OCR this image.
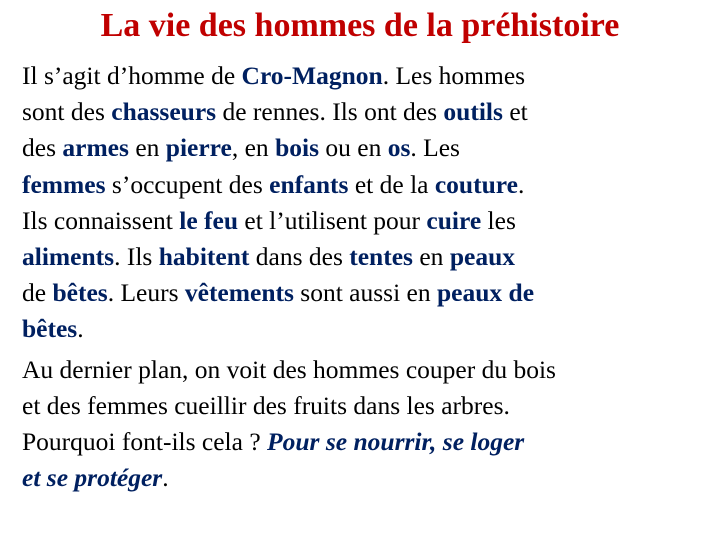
La vie des hommes de la préhistoire

Il s’agit d’homme de Cro-Magnon. Les hommes
sont des chasseurs de rennes. Ils ont des outils et
des armes en pierre, en bois ou en os. Les
femmes s’occupent des enfants et de la couture.
Ils connaissent le feu et l’utilisent pour cuire les
aliments. Ils habitent dans des tentes en peaux
de bêtes. Leurs vêtements sont aussi en peaux de
bêtes.

Au dernier plan, on voit des hommes couper du bois
et des femmes cueillir des fruits dans les arbres.
Pourquoi font-ils cela ? Pour se nourrir, se loger
et se protéger.
